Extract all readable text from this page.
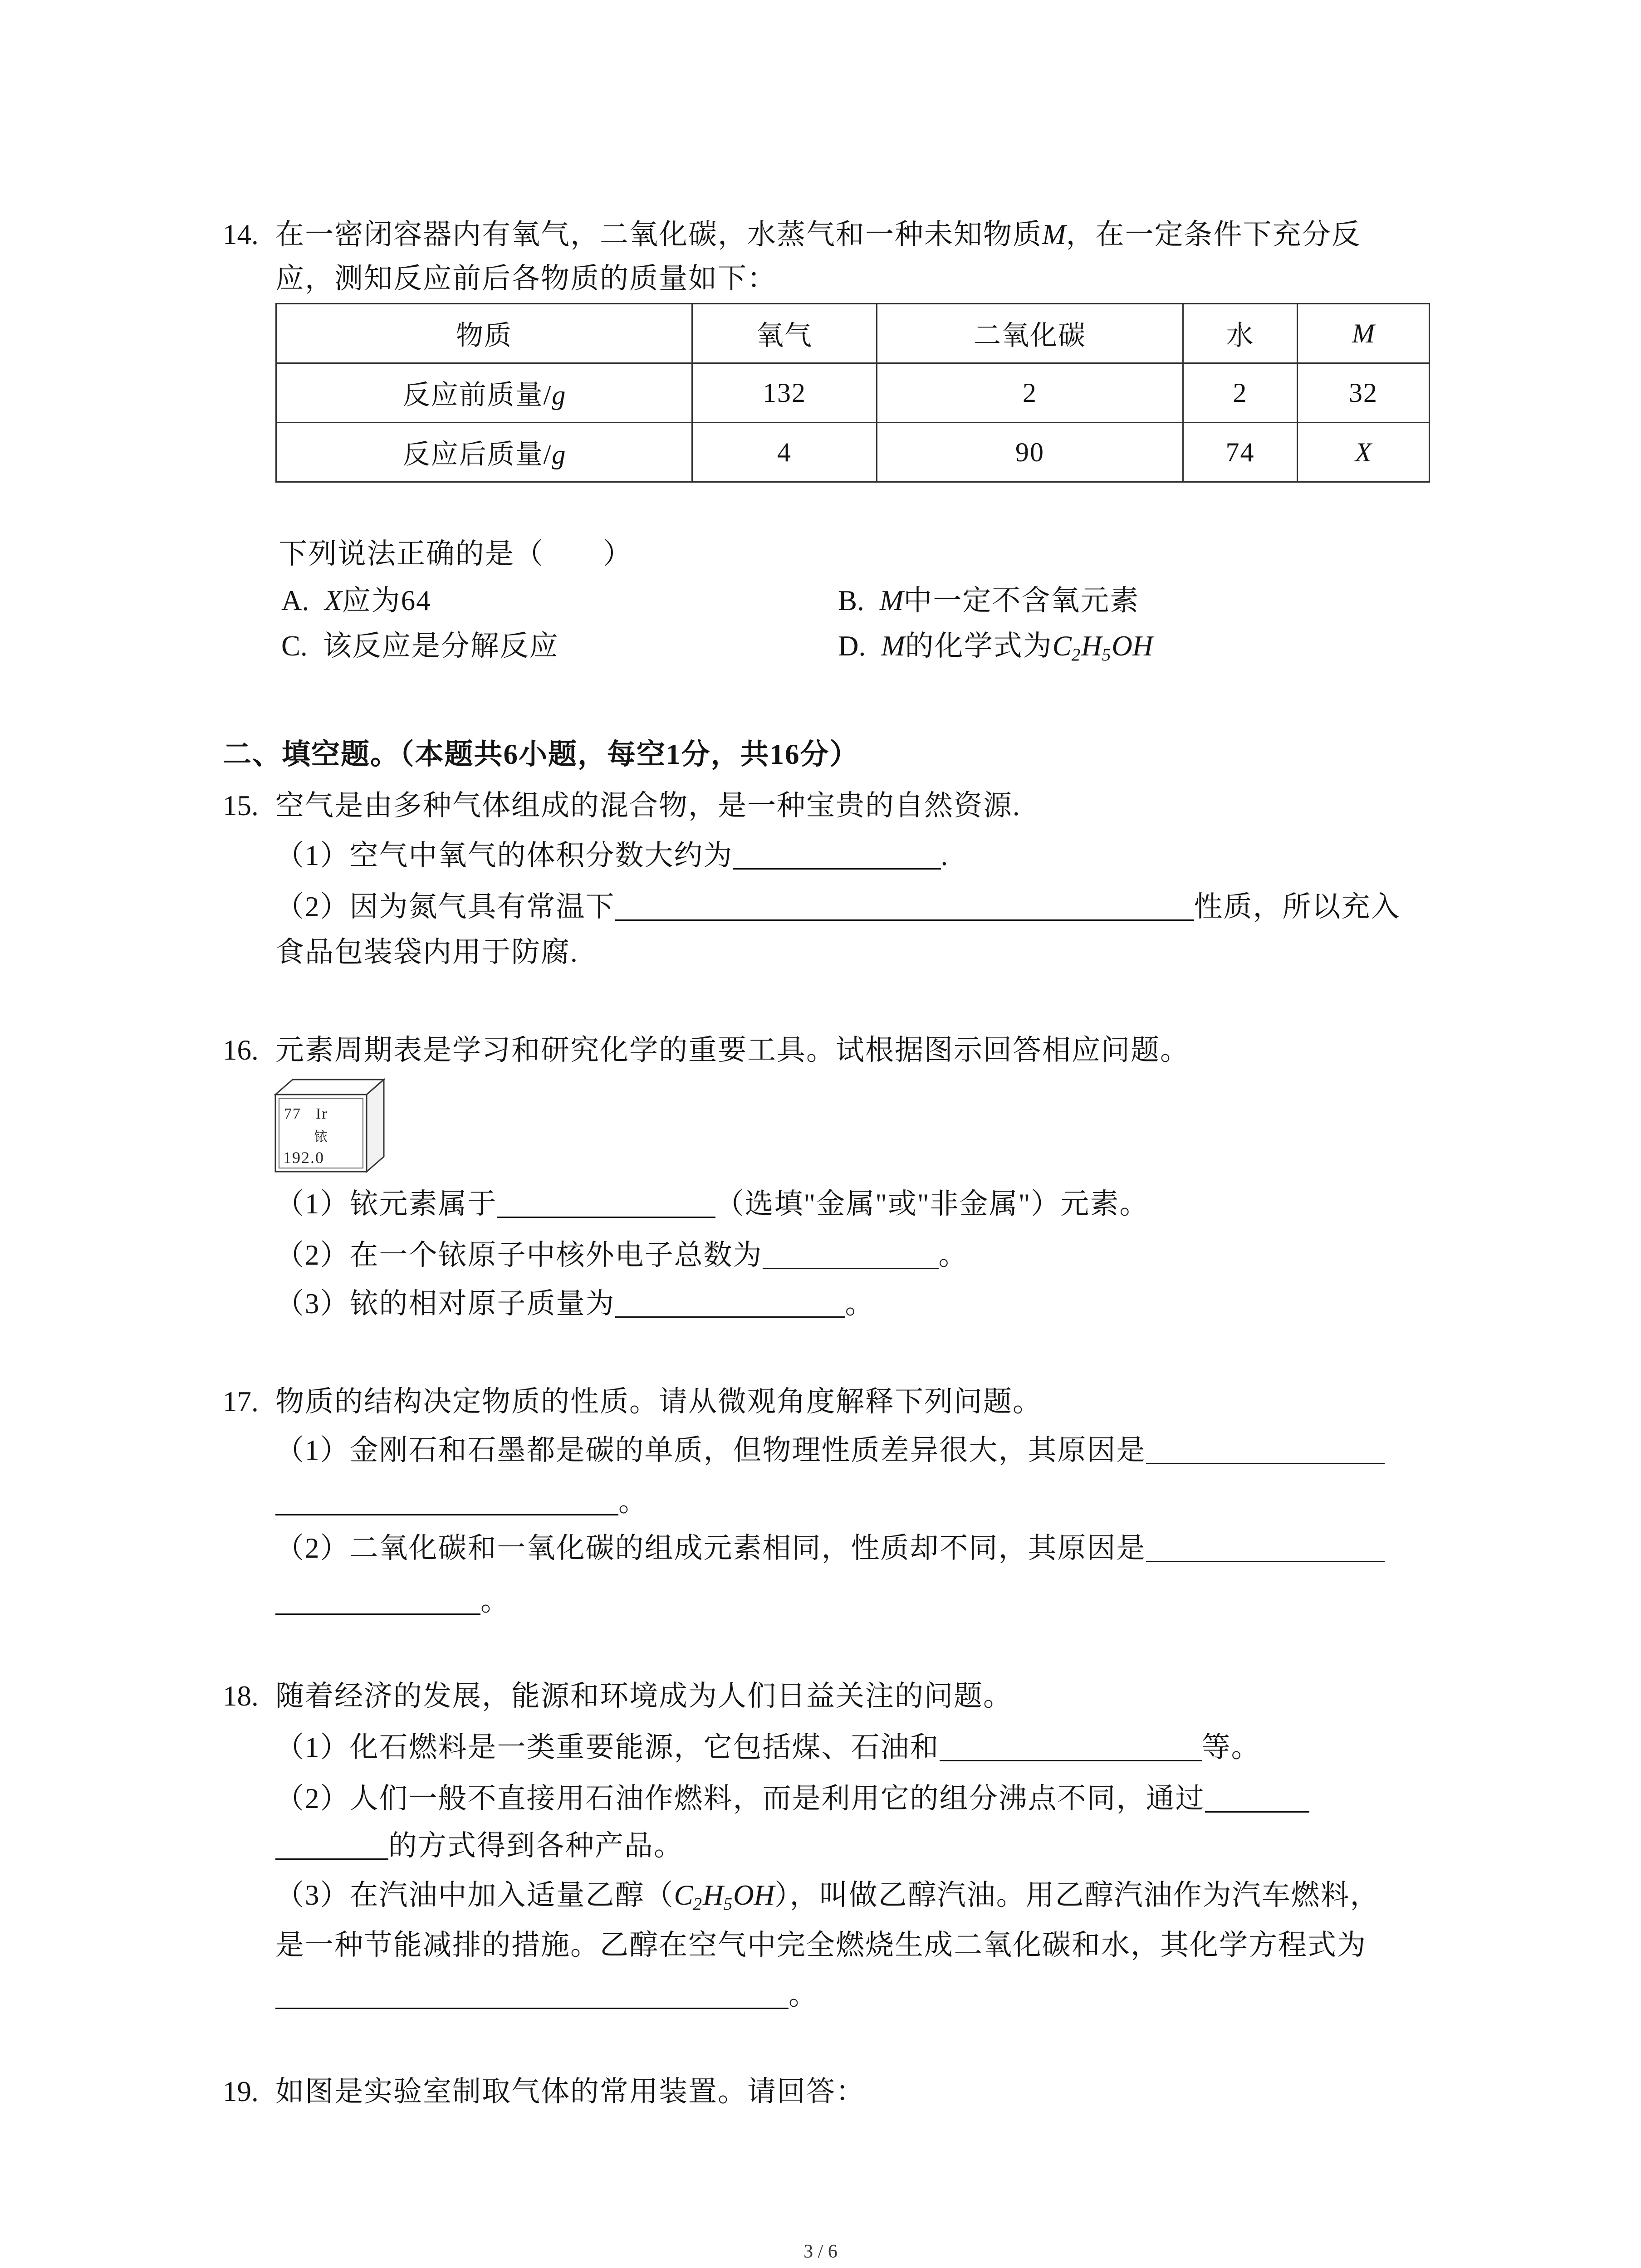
14. 在一密闭容器内有氧气，二氧化碳，水蒸气和一种未知物质M，在一定条件下充分反
应，测知反应前后各物质的质量如下：
物质	氧气	二氧化碳	水	M
反应前质量/g	132	2	2	32
反应后质量/g	4	90	74	X
下列说法正确的是（　　）
A. X应为64	B. M中一定不含氧元素
C. 该反应是分解反应	D. M的化学式为$C_2H_5OH$
二、填空题。（本题共6小题，每空1分，共16分）
15. 空气是由多种气体组成的混合物，是一种宝贵的自然资源.
（1）空气中氧气的体积分数大约为	.
（2）因为氮气具有常温下	性质，所以充入
食品包装袋内用于防腐.
16. 元素周期表是学习和研究化学的重要工具。试根据图示回答相应问题。
77 Ir
铱
192.0
（1）铱元素属于	（选填"金属"或"非金属"）元素。
（2）在一个铱原子中核外电子总数为	。
（3）铱的相对原子质量为	。
17. 物质的结构决定物质的性质。请从微观角度解释下列问题。
（1）金刚石和石墨都是碳的单质，但物理性质差异很大，其原因是
。
（2）二氧化碳和一氧化碳的组成元素相同，性质却不同，其原因是
。
18. 随着经济的发展，能源和环境成为人们日益关注的问题。
（1）化石燃料是一类重要能源，它包括煤、石油和	等。
（2）人们一般不直接用石油作燃料，而是利用它的组分沸点不同，通过
的方式得到各种产品。
（3）在汽油中加入适量乙醇$(C_2H_5OH)$，叫做乙醇汽油。用乙醇汽油作为汽车燃料，
是一种节能减排的措施。乙醇在空气中完全燃烧生成二氧化碳和水，其化学方程式为
。
19. 如图是实验室制取气体的常用装置。请回答：
3 / 6
